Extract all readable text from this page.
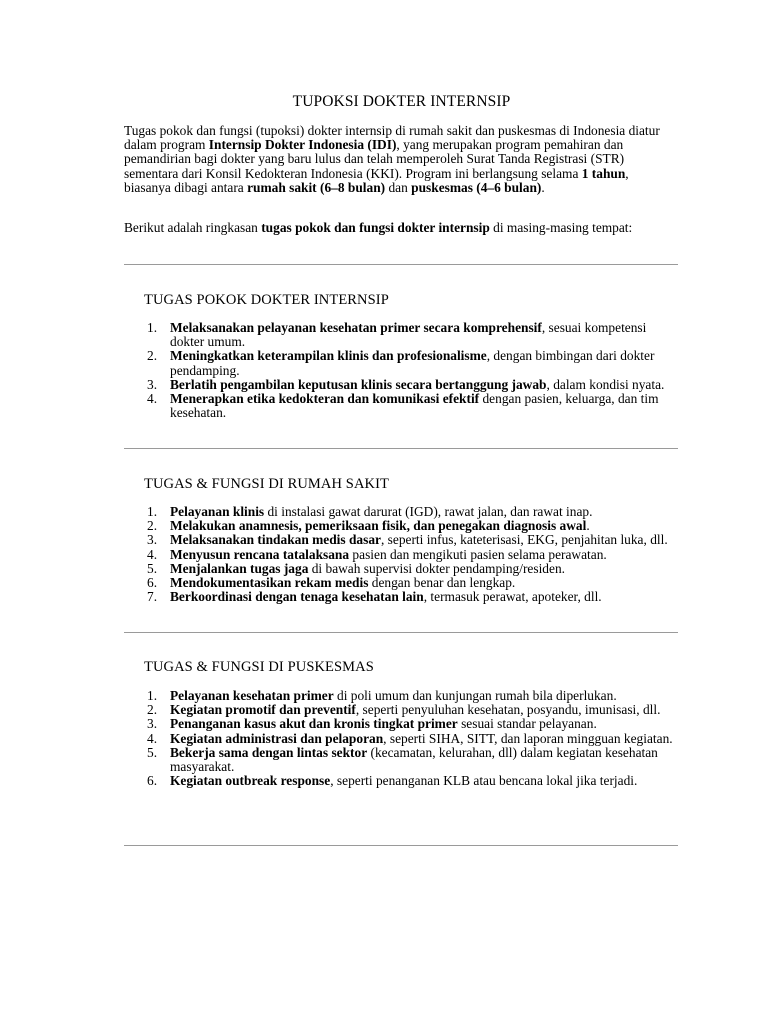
TUPOKSI DOKTER INTERNSIP

Tugas pokok dan fungsi (tupoksi) dokter internsip di rumah sakit dan puskesmas di Indonesia diatur dalam program Internsip Dokter Indonesia (IDI), yang merupakan program pemahiran dan pemandirian bagi dokter yang baru lulus dan telah memperoleh Surat Tanda Registrasi (STR) sementara dari Konsil Kedokteran Indonesia (KKI). Program ini berlangsung selama 1 tahun, biasanya dibagi antara rumah sakit (6–8 bulan) dan puskesmas (4–6 bulan).

Berikut adalah ringkasan tugas pokok dan fungsi dokter internsip di masing-masing tempat:

TUGAS POKOK DOKTER INTERNSIP
1. Melaksanakan pelayanan kesehatan primer secara komprehensif, sesuai kompetensi dokter umum.
2. Meningkatkan keterampilan klinis dan profesionalisme, dengan bimbingan dari dokter pendamping.
3. Berlatih pengambilan keputusan klinis secara bertanggung jawab, dalam kondisi nyata.
4. Menerapkan etika kedokteran dan komunikasi efektif dengan pasien, keluarga, dan tim kesehatan.
TUGAS & FUNGSI DI RUMAH SAKIT
1. Pelayanan klinis di instalasi gawat darurat (IGD), rawat jalan, dan rawat inap.
2. Melakukan anamnesis, pemeriksaan fisik, dan penegakan diagnosis awal.
3. Melaksanakan tindakan medis dasar, seperti infus, kateterisasi, EKG, penjahitan luka, dll.
4. Menyusun rencana tatalaksana pasien dan mengikuti pasien selama perawatan.
5. Menjalankan tugas jaga di bawah supervisi dokter pendamping/residen.
6. Mendokumentasikan rekam medis dengan benar dan lengkap.
7. Berkoordinasi dengan tenaga kesehatan lain, termasuk perawat, apoteker, dll.
TUGAS & FUNGSI DI PUSKESMAS
1. Pelayanan kesehatan primer di poli umum dan kunjungan rumah bila diperlukan.
2. Kegiatan promotif dan preventif, seperti penyuluhan kesehatan, posyandu, imunisasi, dll.
3. Penanganan kasus akut dan kronis tingkat primer sesuai standar pelayanan.
4. Kegiatan administrasi dan pelaporan, seperti SIHA, SITT, dan laporan mingguan kegiatan.
5. Bekerja sama dengan lintas sektor (kecamatan, kelurahan, dll) dalam kegiatan kesehatan masyarakat.
6. Kegiatan outbreak response, seperti penanganan KLB atau bencana lokal jika terjadi.
